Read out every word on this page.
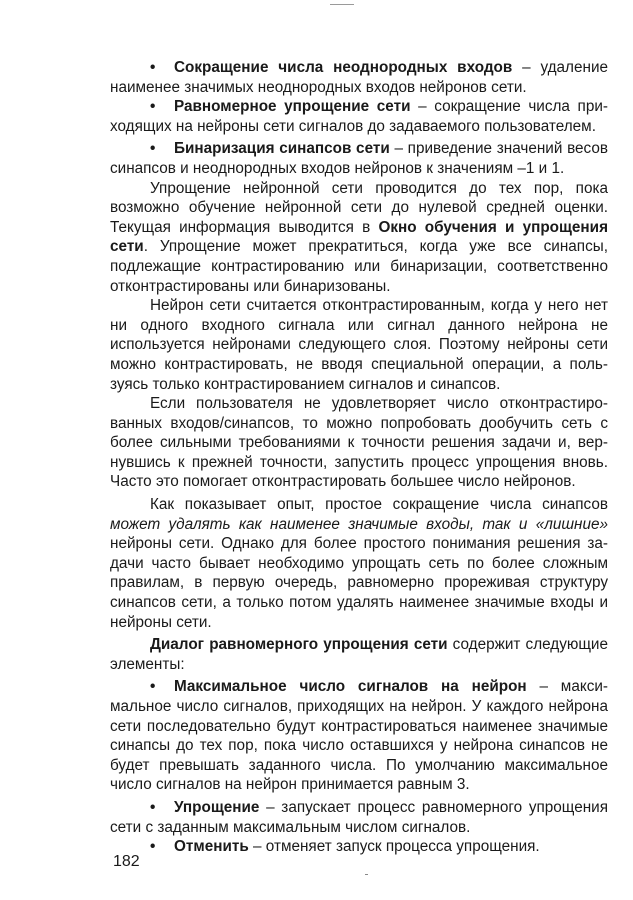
• Сокращение числа неоднородных входов – удаление наименее значимых неоднородных входов нейронов сети.

• Равномерное упрощение сети – сокращение числа приходящих на нейроны сети сигналов до задаваемого пользователем.

• Бинаризация синапсов сети – приведение значений весов синапсов и неоднородных входов нейронов к значениям –1 и 1.

Упрощение нейронной сети проводится до тех пор, пока возможно обучение нейронной сети до нулевой средней оценки. Текущая информация выводится в Окно обучения и упрощения сети. Упрощение может прекратиться, когда уже все синапсы, подлежащие контрастированию или бинаризации, соответственно отконтрастированы или бинаризованы.

Нейрон сети считается отконтрастированным, когда у него нет ни одного входного сигнала или сигнал данного нейрона не используется нейронами следующего слоя. Поэтому нейроны сети можно контрастировать, не вводя специальной операции, а пользуясь только контрастированием сигналов и синапсов.

Если пользователя не удовлетворяет число отконтрастированных входов/синапсов, то можно попробовать дообучить сеть с более сильными требованиями к точности решения задачи и, вернувшись к прежней точности, запустить процесс упрощения вновь. Часто это помогает отконтрастировать большее число нейронов.

Как показывает опыт, простое сокращение числа синапсов может удалять как наименее значимые входы, так и «лишние» нейроны сети. Однако для более простого понимания решения задачи часто бывает необходимо упрощать сеть по более сложным правилам, в первую очередь, равномерно прореживая структуру синапсов сети, а только потом удалять наименее значимые входы и нейроны сети.

Диалог равномерного упрощения сети содержит следующие элементы:

• Максимальное число сигналов на нейрон – максимальное число сигналов, приходящих на нейрон. У каждого нейрона сети последовательно будут контрастироваться наименее значимые синапсы до тех пор, пока число оставшихся у нейрона синапсов не будет превышать заданного числа. По умолчанию максимальное число сигналов на нейрон принимается равным 3.

• Упрощение – запускает процесс равномерного упрощения сети с заданным максимальным числом сигналов.

• Отменить – отменяет запуск процесса упрощения.

182
